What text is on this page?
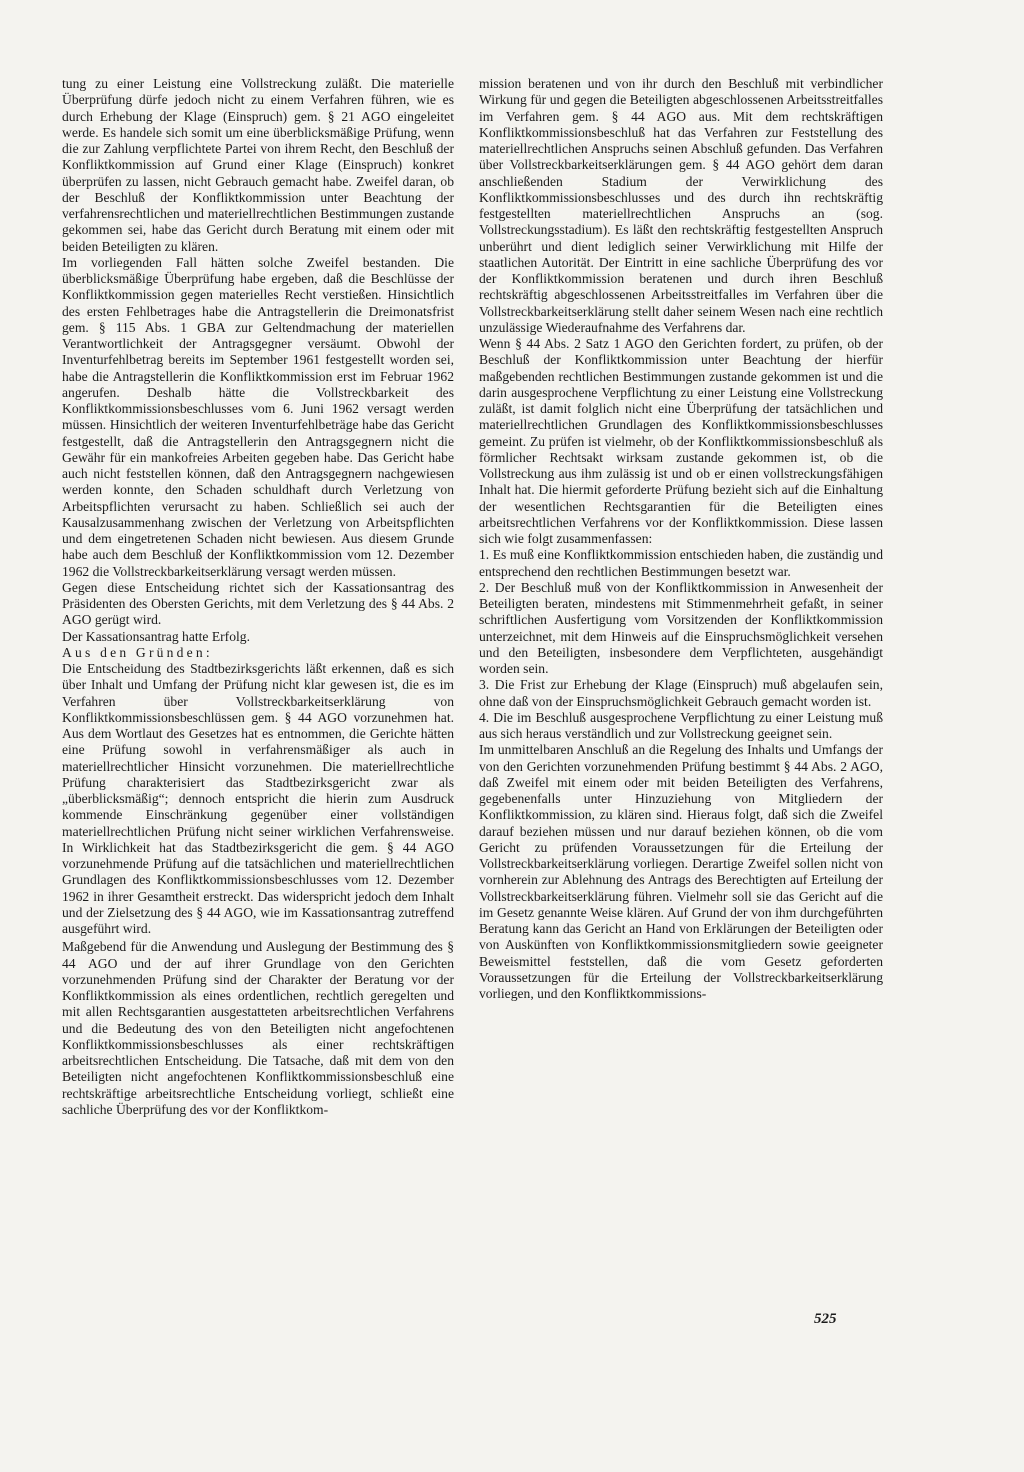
tung zu einer Leistung eine Vollstreckung zuläßt. Die materielle Überprüfung dürfe jedoch nicht zu einem Verfahren führen, wie es durch Erhebung der Klage (Einspruch) gem. § 21 AGO eingeleitet werde. Es handele sich somit um eine überblicksmäßige Prüfung, wenn die zur Zahlung verpflichtete Partei von ihrem Recht, den Beschluß der Konfliktkommission auf Grund einer Klage (Einspruch) konkret überprüfen zu lassen, nicht Gebrauch gemacht habe. Zweifel daran, ob der Beschluß der Konfliktkommission unter Beachtung der verfahrensrechtlichen und materiellrechtlichen Bestimmungen zustande gekommen sei, habe das Gericht durch Beratung mit einem oder mit beiden Beteiligten zu klären.

Im vorliegenden Fall hätten solche Zweifel bestanden. Die überblicksmäßige Überprüfung habe ergeben, daß die Beschlüsse der Konfliktkommission gegen materielles Recht verstießen. Hinsichtlich des ersten Fehlbetrages habe die Antragstellerin die Dreimonatsfrist gem. § 115 Abs. 1 GBA zur Geltendmachung der materiellen Verantwortlichkeit der Antragsgegner versäumt. Obwohl der Inventurfehlbetrag bereits im September 1961 festgestellt worden sei, habe die Antragstellerin die Konfliktkommission erst im Februar 1962 angerufen. Deshalb hätte die Vollstreckbarkeit des Konfliktkommissionsbeschlusses vom 6. Juni 1962 versagt werden müssen. Hinsichtlich der weiteren Inventurfehlbeträge habe das Gericht festgestellt, daß die Antragstellerin den Antragsgegnern nicht die Gewähr für ein mankofreies Arbeiten gegeben habe. Das Gericht habe auch nicht feststellen können, daß den Antragsgegnern nachgewiesen werden konnte, den Schaden schuldhaft durch Verletzung von Arbeitspflichten verursacht zu haben. Schließlich sei auch der Kausalzusammenhang zwischen der Verletzung von Arbeitspflichten und dem eingetretenen Schaden nicht bewiesen. Aus diesem Grunde habe auch dem Beschluß der Konfliktkommission vom 12. Dezember 1962 die Vollstreckbarkeitserklärung versagt werden müssen.

Gegen diese Entscheidung richtet sich der Kassationsantrag des Präsidenten des Obersten Gerichts, mit dem Verletzung des § 44 Abs. 2 AGO gerügt wird.

Der Kassationsantrag hatte Erfolg.

Aus den Gründen:

Die Entscheidung des Stadtbezirksgerichts läßt erkennen, daß es sich über Inhalt und Umfang der Prüfung nicht klar gewesen ist, die es im Verfahren über Vollstreckbarkeitserklärung von Konfliktkommissionsbeschlüssen gem. § 44 AGO vorzunehmen hat. Aus dem Wortlaut des Gesetzes hat es entnommen, die Gerichte hätten eine Prüfung sowohl in verfahrensmäßiger als auch in materiellrechtlicher Hinsicht vorzunehmen. Die materiellrechtliche Prüfung charakterisiert das Stadtbezirksgericht zwar als „überblicksmäßig“; dennoch entspricht die hierin zum Ausdruck kommende Einschränkung gegenüber einer vollständigen materiellrechtlichen Prüfung nicht seiner wirklichen Verfahrensweise. In Wirklichkeit hat das Stadtbezirksgericht die gem. § 44 AGO vorzunehmende Prüfung auf die tatsächlichen und materiellrechtlichen Grundlagen des Konfliktkommissionsbeschlusses vom 12. Dezember 1962 in ihrer Gesamtheit erstreckt. Das widerspricht jedoch dem Inhalt und der Zielsetzung des § 44 AGO, wie im Kassationsantrag zutreffend ausgeführt wird.

Maßgebend für die Anwendung und Auslegung der Bestimmung des § 44 AGO und der auf ihrer Grundlage von den Gerichten vorzunehmenden Prüfung sind der Charakter der Beratung vor der Konfliktkommission als eines ordentlichen, rechtlich geregelten und mit allen Rechtsgarantien ausgestatteten arbeitsrechtlichen Verfahrens und die Bedeutung des von den Beteiligten nicht angefochtenen Konfliktkommissionsbeschlusses als einer rechtskräftigen arbeitsrechtlichen Entscheidung. Die Tatsache, daß mit dem von den Beteiligten nicht angefochtenen Konfliktkommissionsbeschluß eine rechtskräftige arbeitsrechtliche Entscheidung vorliegt, schließt eine sachliche Überprüfung des vor der Konfliktkom-

mission beratenen und von ihr durch den Beschluß mit verbindlicher Wirkung für und gegen die Beteiligten abgeschlossenen Arbeitsstreitfalles im Verfahren gem. § 44 AGO aus. Mit dem rechtskräftigen Konfliktkommissionsbeschluß hat das Verfahren zur Feststellung des materiellrechtlichen Anspruchs seinen Abschluß gefunden. Das Verfahren über Vollstreckbarkeitserklärungen gem. § 44 AGO gehört dem daran anschließenden Stadium der Verwirklichung des Konfliktkommissionsbeschlusses und des durch ihn rechtskräftig festgestellten materiellrechtlichen Anspruchs an (sog. Vollstreckungsstadium). Es läßt den rechtskräftig festgestellten Anspruch unberührt und dient lediglich seiner Verwirklichung mit Hilfe der staatlichen Autorität. Der Eintritt in eine sachliche Überprüfung des vor der Konfliktkommission beratenen und durch ihren Beschluß rechtskräftig abgeschlossenen Arbeitsstreitfalles im Verfahren über die Vollstreckbarkeitserklärung stellt daher seinem Wesen nach eine rechtlich unzulässige Wiederaufnahme des Verfahrens dar.

Wenn § 44 Abs. 2 Satz 1 AGO den Gerichten fordert, zu prüfen, ob der Beschluß der Konfliktkommission unter Beachtung der hierfür maßgebenden rechtlichen Bestimmungen zustande gekommen ist und die darin ausgesprochene Verpflichtung zu einer Leistung eine Vollstreckung zuläßt, ist damit folglich nicht eine Überprüfung der tatsächlichen und materiellrechtlichen Grundlagen des Konfliktkommissionsbeschlusses gemeint. Zu prüfen ist vielmehr, ob der Konfliktkommissionsbeschluß als förmlicher Rechtsakt wirksam zustande gekommen ist, ob die Vollstreckung aus ihm zulässig ist und ob er einen vollstreckungsfähigen Inhalt hat. Die hiermit geforderte Prüfung bezieht sich auf die Einhaltung der wesentlichen Rechtsgarantien für die Beteiligten eines arbeitsrechtlichen Verfahrens vor der Konfliktkommission. Diese lassen sich wie folgt zusammenfassen:

1. Es muß eine Konfliktkommission entschieden haben, die zuständig und entsprechend den rechtlichen Bestimmungen besetzt war.

2. Der Beschluß muß von der Konfliktkommission in Anwesenheit der Beteiligten beraten, mindestens mit Stimmenmehrheit gefaßt, in seiner schriftlichen Ausfertigung vom Vorsitzenden der Konfliktkommission unterzeichnet, mit dem Hinweis auf die Einspruchsmöglichkeit versehen und den Beteiligten, insbesondere dem Verpflichteten, ausgehändigt worden sein.

3. Die Frist zur Erhebung der Klage (Einspruch) muß abgelaufen sein, ohne daß von der Einspruchsmöglichkeit Gebrauch gemacht worden ist.

4. Die im Beschluß ausgesprochene Verpflichtung zu einer Leistung muß aus sich heraus verständlich und zur Vollstreckung geeignet sein.

Im unmittelbaren Anschluß an die Regelung des Inhalts und Umfangs der von den Gerichten vorzunehmenden Prüfung bestimmt § 44 Abs. 2 AGO, daß Zweifel mit einem oder mit beiden Beteiligten des Verfahrens, gegebenenfalls unter Hinzuziehung von Mitgliedern der Konfliktkommission, zu klären sind. Hieraus folgt, daß sich die Zweifel darauf beziehen müssen und nur darauf beziehen können, ob die vom Gericht zu prüfenden Voraussetzungen für die Erteilung der Vollstreckbarkeitserklärung vorliegen. Derartige Zweifel sollen nicht von vornherein zur Ablehnung des Antrags des Berechtigten auf Erteilung der Vollstreckbarkeitserklärung führen. Vielmehr soll sie das Gericht auf die im Gesetz genannte Weise klären. Auf Grund der von ihm durchgeführten Beratung kann das Gericht an Hand von Erklärungen der Beteiligten oder von Auskünften von Konfliktkommissionsmitgliedern sowie geeigneter Beweismittel feststellen, daß die vom Gesetz geforderten Voraussetzungen für die Erteilung der Vollstreckbarkeitserklärung vorliegen, und den Konfliktkommissions-

525
